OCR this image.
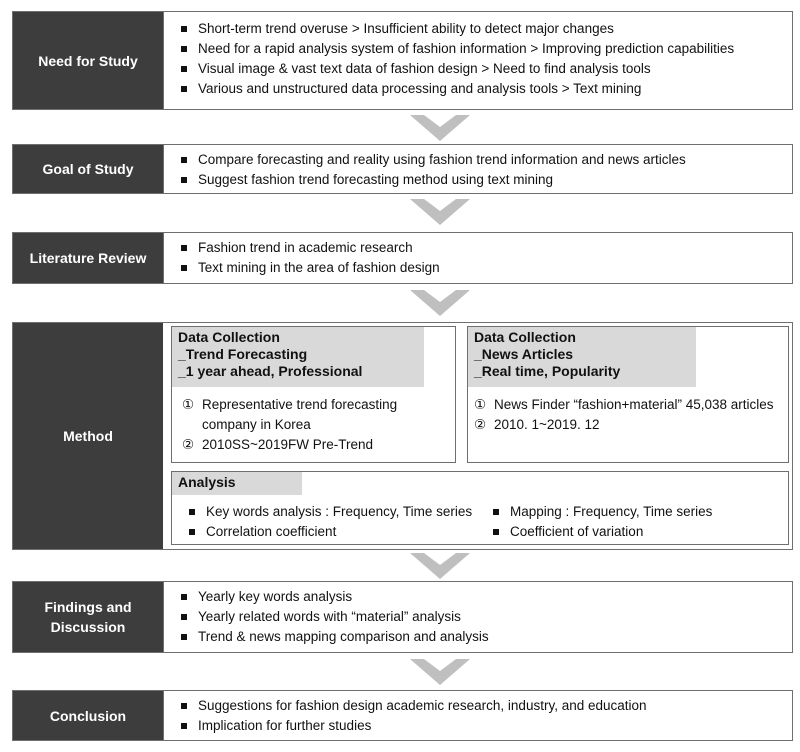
Need for Study
Short-term trend overuse > Insufficient ability to detect major changes
Need for a rapid analysis system of fashion information > Improving prediction capabilities
Visual image & vast text data of fashion design > Need to find analysis tools
Various and unstructured data processing and analysis tools > Text mining
Goal of Study
Compare forecasting and reality using fashion trend information and news articles
Suggest fashion trend forecasting method using text mining
Literature Review
Fashion trend in academic research
Text mining in the area of fashion design
Method
Data Collection
_Trend Forecasting
_1 year ahead, Professional
① Representative trend forecasting
company in Korea
② 2010SS~2019FW Pre-Trend
Data Collection
_News Articles
_Real time, Popularity
① News Finder “fashion+material” 45,038 articles
② 2010. 1~2019. 12
Analysis
Key words analysis : Frequency, Time series
Correlation coefficient
Mapping : Frequency, Time series
Coefficient of variation
Findings and
Discussion
Yearly key words analysis
Yearly related words with “material” analysis
Trend & news mapping comparison and analysis
Conclusion
Suggestions for fashion design academic research, industry, and education
Implication for further studies
